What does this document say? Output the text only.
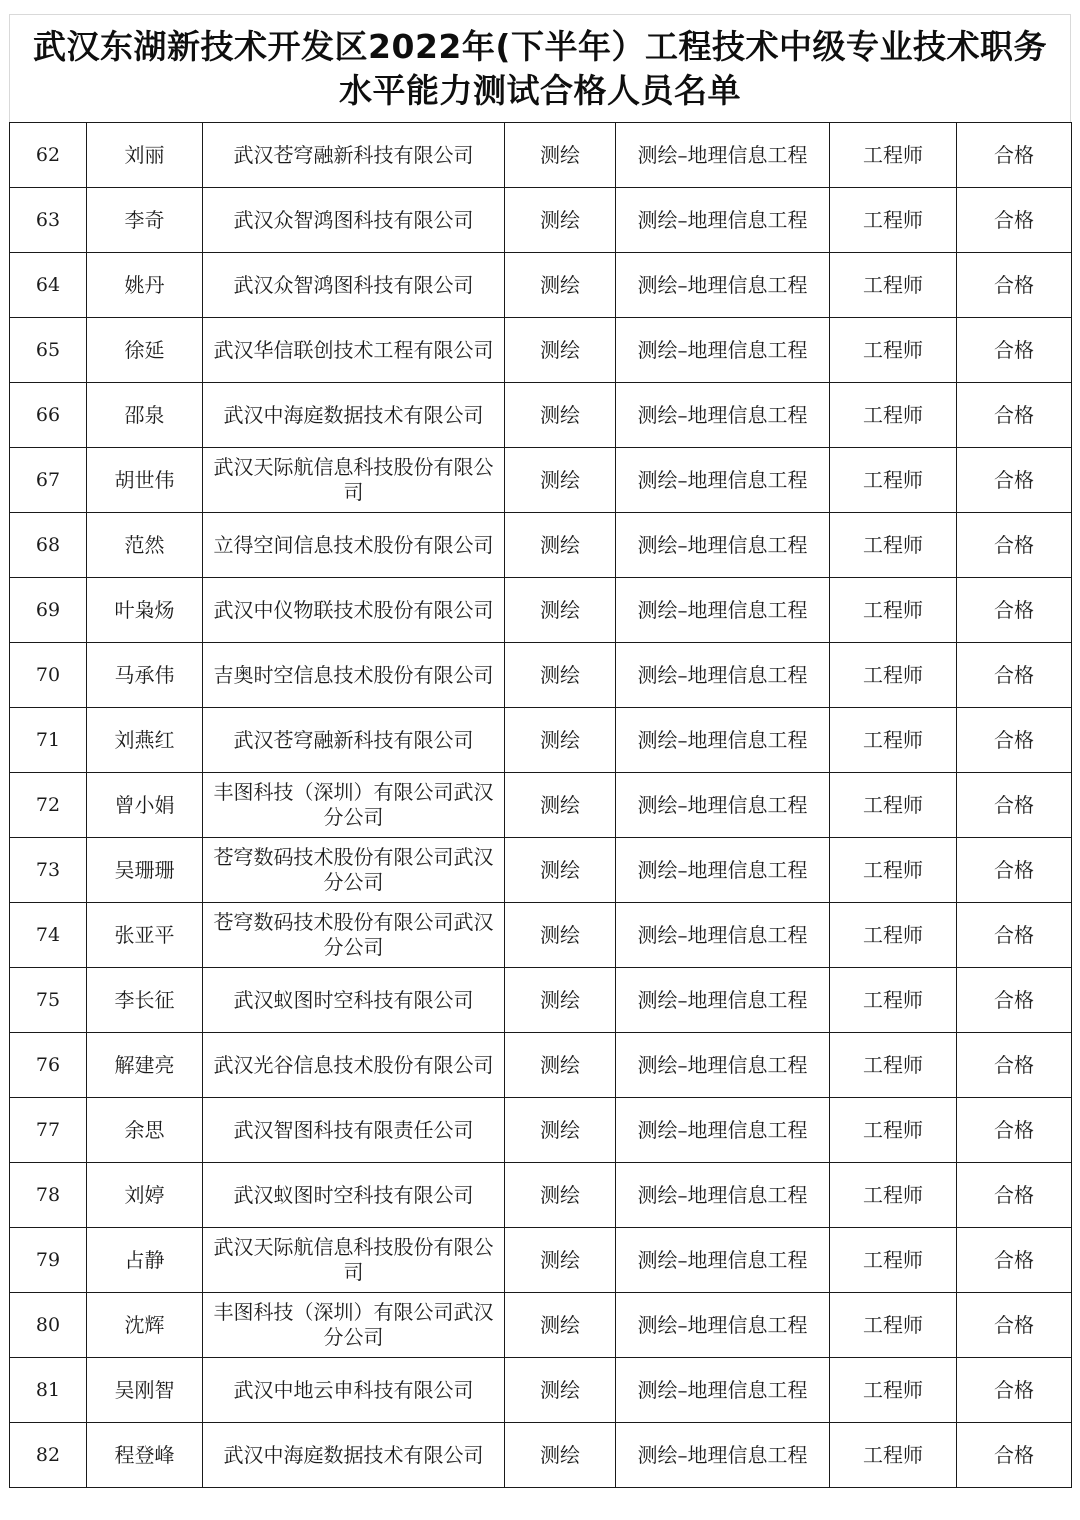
武汉东湖新技术开发区2022年(下半年）工程技术中级专业技术职务
水平能力测试合格人员名单
62	刘丽	武汉苍穹融新科技有限公司	测绘	测绘–地理信息工程	工程师	合格
63	李奇	武汉众智鸿图科技有限公司	测绘	测绘–地理信息工程	工程师	合格
64	姚丹	武汉众智鸿图科技有限公司	测绘	测绘–地理信息工程	工程师	合格
65	徐延	武汉华信联创技术工程有限公司	测绘	测绘–地理信息工程	工程师	合格
66	邵泉	武汉中海庭数据技术有限公司	测绘	测绘–地理信息工程	工程师	合格
67	胡世伟	武汉天际航信息科技股份有限公司	测绘	测绘–地理信息工程	工程师	合格
68	范然	立得空间信息技术股份有限公司	测绘	测绘–地理信息工程	工程师	合格
69	叶枭炀	武汉中仪物联技术股份有限公司	测绘	测绘–地理信息工程	工程师	合格
70	马承伟	吉奥时空信息技术股份有限公司	测绘	测绘–地理信息工程	工程师	合格
71	刘燕红	武汉苍穹融新科技有限公司	测绘	测绘–地理信息工程	工程师	合格
72	曾小娟	丰图科技（深圳）有限公司武汉分公司	测绘	测绘–地理信息工程	工程师	合格
73	吴珊珊	苍穹数码技术股份有限公司武汉分公司	测绘	测绘–地理信息工程	工程师	合格
74	张亚平	苍穹数码技术股份有限公司武汉分公司	测绘	测绘–地理信息工程	工程师	合格
75	李长征	武汉蚁图时空科技有限公司	测绘	测绘–地理信息工程	工程师	合格
76	解建亮	武汉光谷信息技术股份有限公司	测绘	测绘–地理信息工程	工程师	合格
77	余思	武汉智图科技有限责任公司	测绘	测绘–地理信息工程	工程师	合格
78	刘婷	武汉蚁图时空科技有限公司	测绘	测绘–地理信息工程	工程师	合格
79	占静	武汉天际航信息科技股份有限公司	测绘	测绘–地理信息工程	工程师	合格
80	沈辉	丰图科技（深圳）有限公司武汉分公司	测绘	测绘–地理信息工程	工程师	合格
81	吴刚智	武汉中地云申科技有限公司	测绘	测绘–地理信息工程	工程师	合格
82	程登峰	武汉中海庭数据技术有限公司	测绘	测绘–地理信息工程	工程师	合格
